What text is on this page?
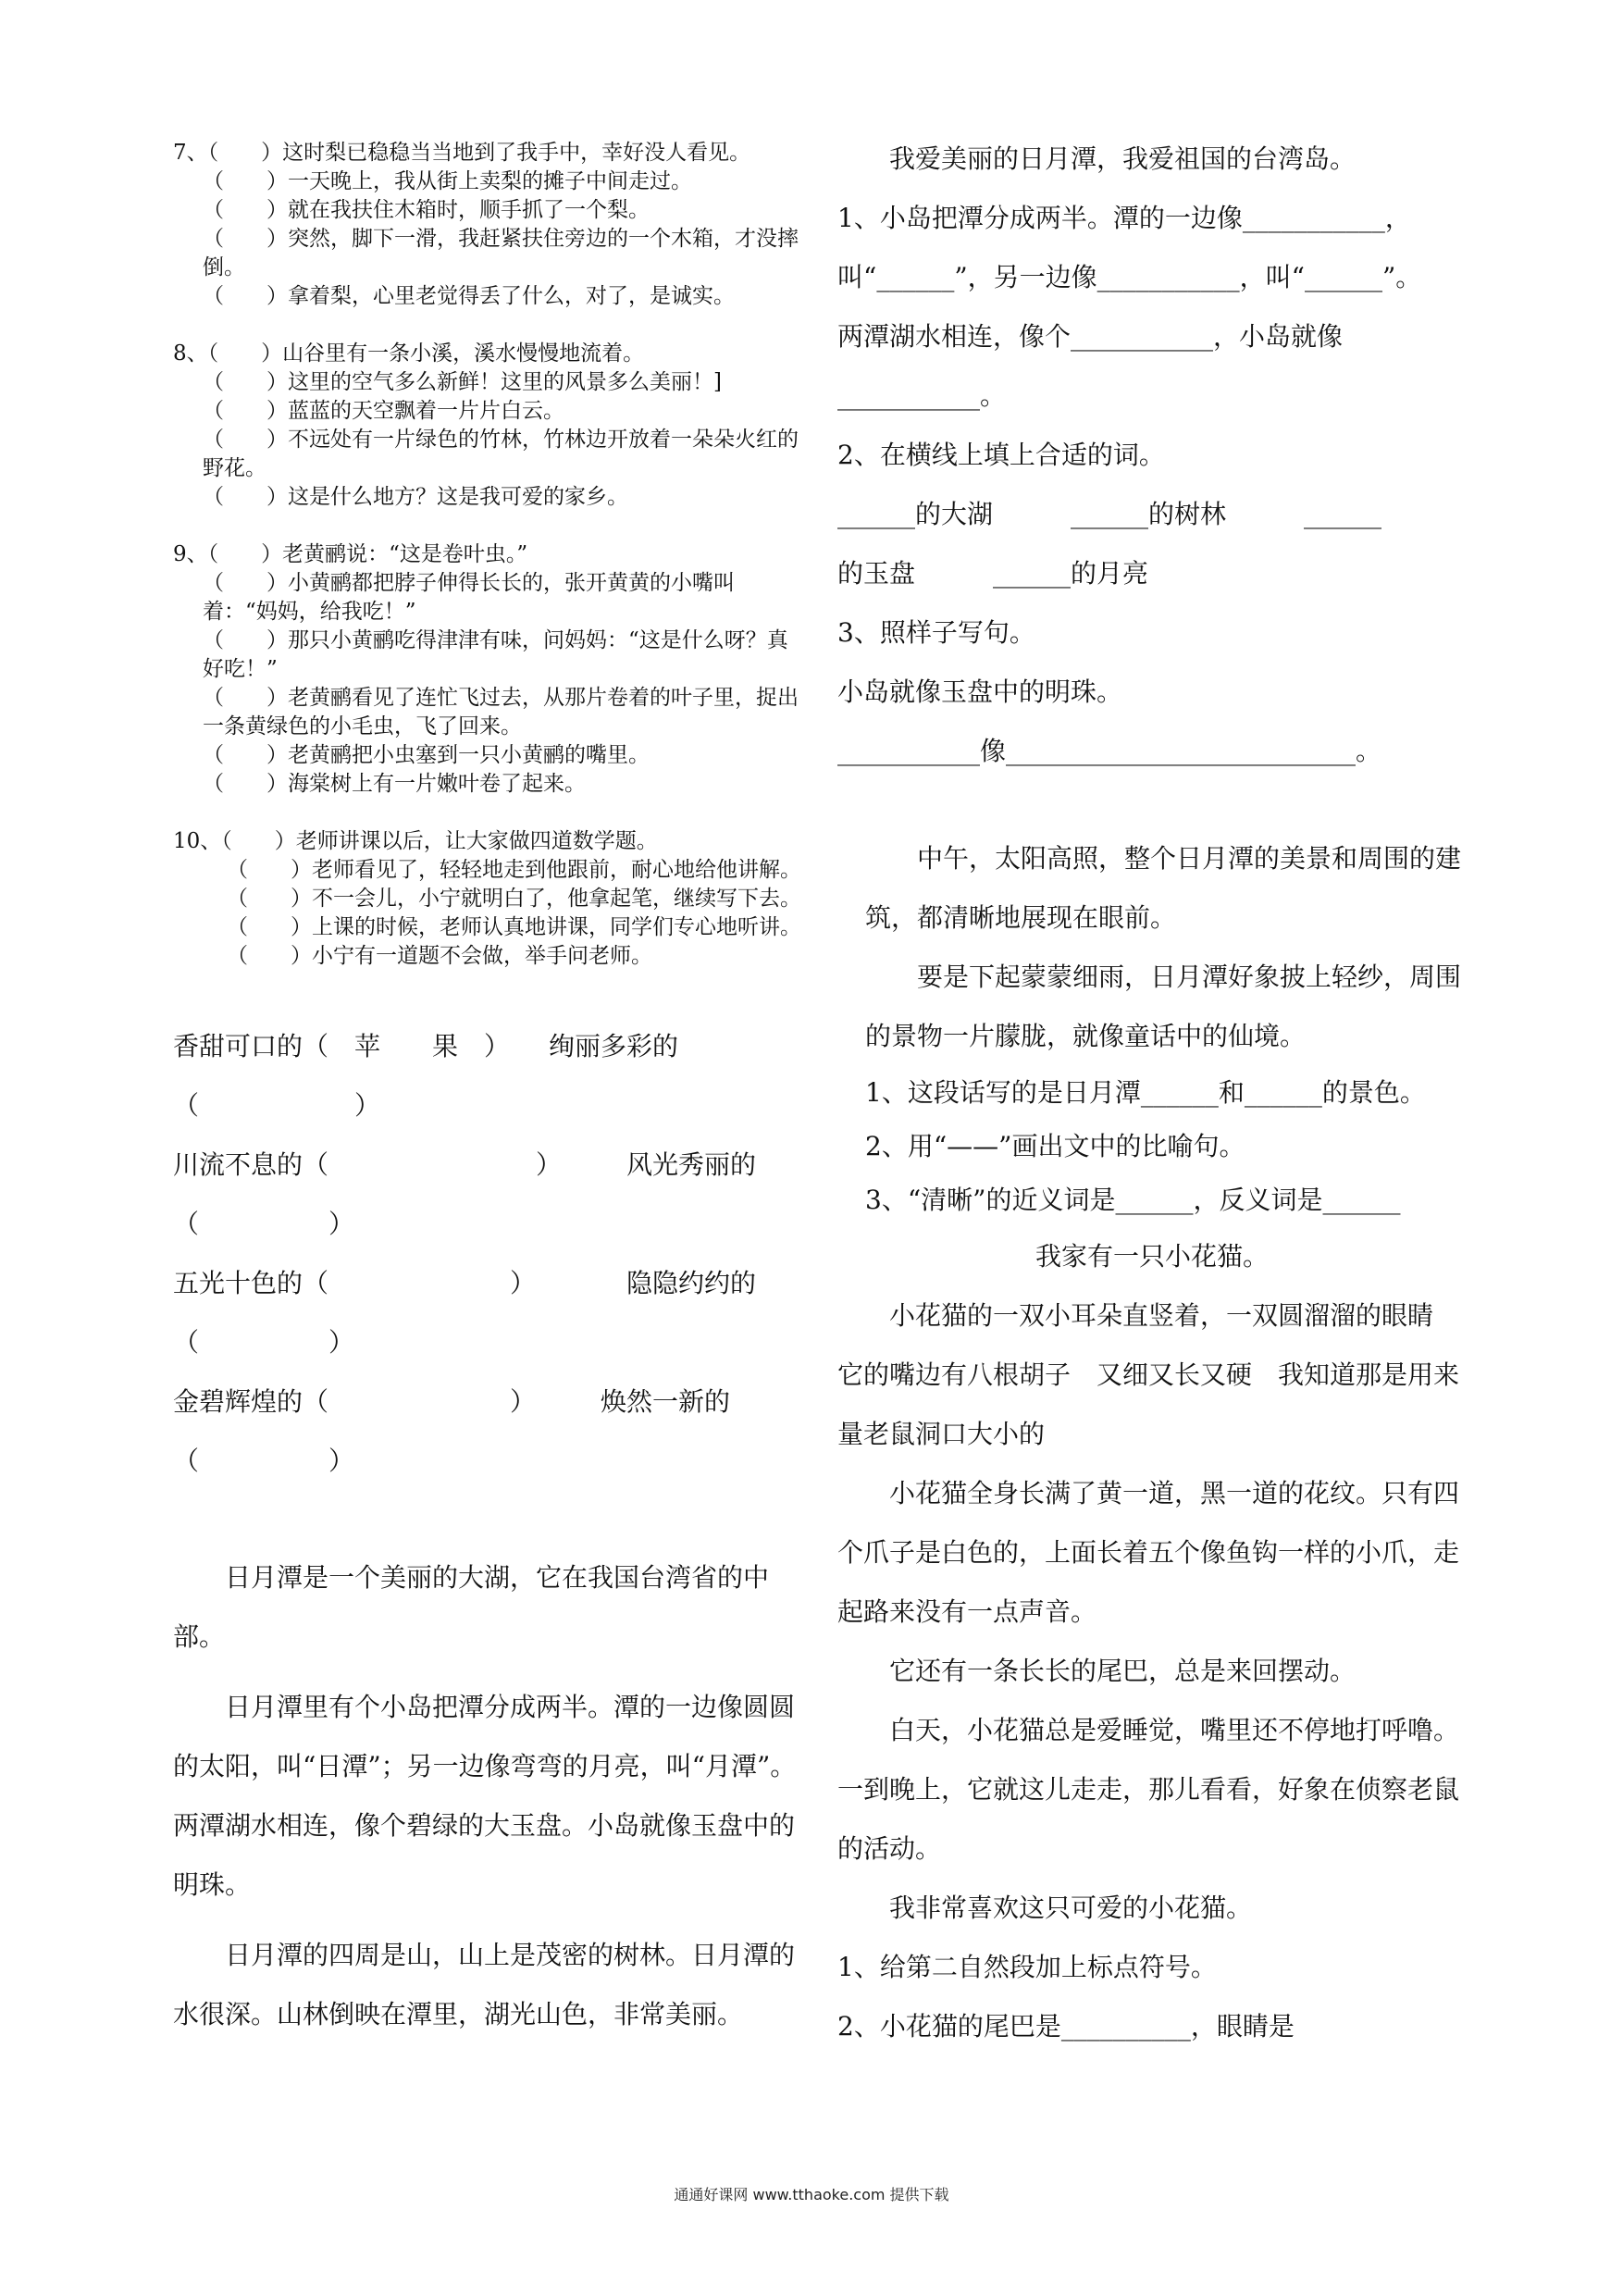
7、（　　）这时梨已稳稳当当地到了我手中，幸好没人看见。

（　　）一天晚上，我从街上卖梨的摊子中间走过。

（　　）就在我扶住木箱时，顺手抓了一个梨。

（　　）突然，脚下一滑，我赶紧扶住旁边的一个木箱，才没摔倒。

（　　）拿着梨，心里老觉得丢了什么，对了，是诚实。

8、（　　）山谷里有一条小溪，溪水慢慢地流着。

（　　）这里的空气多么新鲜！这里的风景多么美丽！]

（　　）蓝蓝的天空飘着一片片白云。

（　　）不远处有一片绿色的竹林，竹林边开放着一朵朵火红的野花。

（　　）这是什么地方？这是我可爱的家乡。

9、（　　）老黄鹂说：“这是卷叶虫。”

（　　）小黄鹂都把脖子伸得长长的，张开黄黄的小嘴叫着：“妈妈，给我吃！”

（　　）那只小黄鹂吃得津津有味，问妈妈：“这是什么呀？真好吃！”

（　　）老黄鹂看见了连忙飞过去，从那片卷着的叶子里，捉出一条黄绿色的小毛虫，飞了回来。

（　　）老黄鹂把小虫塞到一只小黄鹂的嘴里。

（　　）海棠树上有一片嫩叶卷了起来。

10、（　　）老师讲课以后，让大家做四道数学题。

（　　）老师看见了，轻轻地走到他跟前，耐心地给他讲解。

（　　）不一会儿，小宁就明白了，他拿起笔，继续写下去。

（　　）上课的时候，老师认真地讲课，同学们专心地听讲。

（　　）小宁有一道题不会做，举手问老师。

香甜可口的（　苹　　果　）　　绚丽多彩的（　　　　　　）

川流不息的（　　　　　　　　）　　　风光秀丽的

（　　　　　）

五光十色的（　　　　　　　）　　　　隐隐约约的

（　　　　　）

金碧辉煌的（　　　　　　　）　　　焕然一新的

（　　　　　）

日月潭是一个美丽的大湖，它在我国台湾省的中部。

日月潭里有个小岛把潭分成两半。潭的一边像圆圆的太阳，叫“日潭”；另一边像弯弯的月亮，叫“月潭”。两潭湖水相连，像个碧绿的大玉盘。小岛就像玉盘中的明珠。

日月潭的四周是山，山上是茂密的树林。日月潭的水很深。山林倒映在潭里，湖光山色，非常美丽。

我爱美丽的日月潭，我爱祖国的台湾岛。

1、小岛把潭分成两半。潭的一边像___________，

叫“______”，另一边像___________，叫“______”。

两潭湖水相连，像个___________，小岛就像

___________。

2、在横线上填上合适的词。

______的大湖　　　______的树林　　　______

的玉盘　　　______的月亮

3、照样子写句。

小岛就像玉盘中的明珠。

___________像___________________________。

中午，太阳高照，整个日月潭的美景和周围的建筑，都清晰地展现在眼前。

要是下起蒙蒙细雨，日月潭好象披上轻纱，周围的景物一片朦胧，就像童话中的仙境。

1、这段话写的是日月潭______和______的景色。

2、用“——”画出文中的比喻句。

3、“清晰”的近义词是______，反义词是______

我家有一只小花猫。

小花猫的一双小耳朵直竖着，一双圆溜溜的眼睛　它的嘴边有八根胡子　又细又长又硬　我知道那是用来量老鼠洞口大小的

小花猫全身长满了黄一道，黑一道的花纹。只有四个爪子是白色的，上面长着五个像鱼钩一样的小爪，走起路来没有一点声音。

它还有一条长长的尾巴，总是来回摆动。

白天，小花猫总是爱睡觉，嘴里还不停地打呼噜。一到晚上，它就这儿走走，那儿看看，好象在侦察老鼠的活动。

我非常喜欢这只可爱的小花猫。

1、给第二自然段加上标点符号。

2、小花猫的尾巴是__________，眼睛是

通通好课网 www.tthaoke.com 提供下载
